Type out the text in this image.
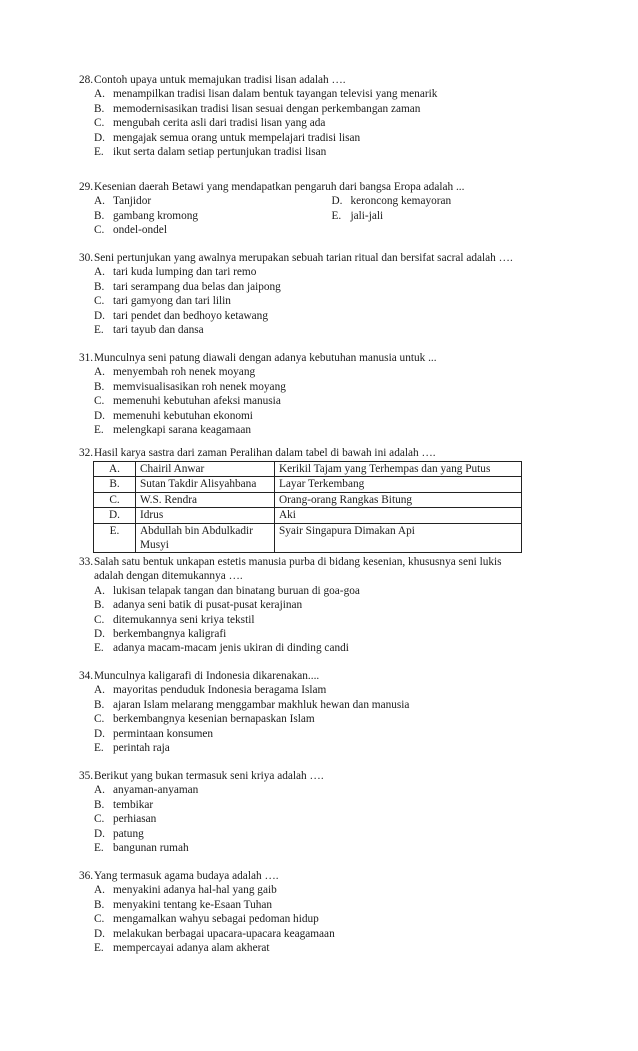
28.Contoh upaya untuk memajukan tradisi lisan adalah ….
A. menampilkan tradisi lisan dalam bentuk tayangan televisi yang menarik
B. memodernisasikan tradisi lisan sesuai dengan perkembangan zaman
C. mengubah cerita asli dari tradisi lisan yang ada
D. mengajak semua orang untuk mempelajari tradisi lisan
E. ikut serta dalam setiap pertunjukan tradisi lisan
29.Kesenian daerah Betawi yang mendapatkan pengaruh dari bangsa Eropa adalah ...
A. Tanjidor	D. keroncong kemayoran
B. gambang kromong	E. jali-jali
C. ondel-ondel
30.Seni pertunjukan yang awalnya merupakan sebuah tarian ritual dan bersifat sacral adalah ….
A. tari kuda lumping dan tari remo
B. tari serampang dua belas dan jaipong
C. tari gamyong dan tari lilin
D. tari pendet dan bedhoyo ketawang
E. tari tayub dan dansa
31.Munculnya seni patung diawali dengan adanya kebutuhan manusia untuk ...
A. menyembah roh nenek moyang
B. memvisualisasikan roh nenek moyang
C. memenuhi kebutuhan afeksi manusia
D. memenuhi kebutuhan ekonomi
E. melengkapi sarana keagamaan
32.Hasil karya sastra dari zaman Peralihan dalam tabel di bawah ini adalah ….
A.	Chairil Anwar	Kerikil Tajam yang Terhempas dan yang Putus
B.	Sutan Takdir Alisyahbana	Layar Terkembang
C.	W.S. Rendra	Orang-orang Rangkas Bitung
D.	Idrus	Aki
E.	Abdullah bin Abdulkadir Musyi	Syair Singapura Dimakan Api
33.Salah satu bentuk unkapan estetis manusia purba di bidang kesenian, khususnya seni lukis
adalah dengan ditemukannya ….
A. lukisan telapak tangan dan binatang buruan di goa-goa
B. adanya seni batik di pusat-pusat kerajinan
C. ditemukannya seni kriya tekstil
D. berkembangnya kaligrafi
E. adanya macam-macam jenis ukiran di dinding candi
34.Munculnya kaligarafi di Indonesia dikarenakan....
A. mayoritas penduduk Indonesia beragama Islam
B. ajaran Islam melarang menggambar makhluk hewan dan manusia
C. berkembangnya kesenian bernapaskan Islam
D. permintaan konsumen
E. perintah raja
35.Berikut yang bukan termasuk seni kriya adalah ….
A. anyaman-anyaman
B. tembikar
C. perhiasan
D. patung
E. bangunan rumah
36.Yang termasuk agama budaya adalah ….
A. menyakini adanya hal-hal yang gaib
B. menyakini tentang ke-Esaan Tuhan
C. mengamalkan wahyu sebagai pedoman hidup
D. melakukan berbagai upacara-upacara keagamaan
E. mempercayai adanya alam akherat
